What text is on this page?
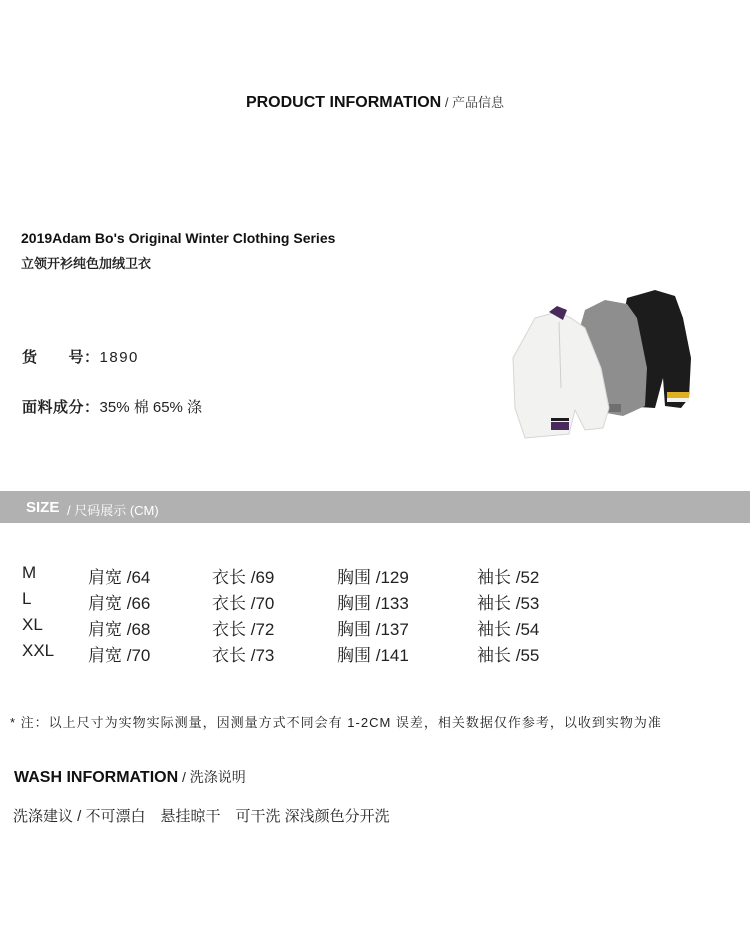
PRODUCT INFORMATION / 产品信息
2019Adam Bo's Original Winter Clothing Series
立领开衫纯色加绒卫衣
货　　号：1890
面料成分：35% 棉 65% 涤
SIZE / 尺码展示 (CM)
M	肩宽 /64	衣长 /69	胸围 /129	袖长 /52
L	肩宽 /66	衣长 /70	胸围 /133	袖长 /53
XL	肩宽 /68	衣长 /72	胸围 /137	袖长 /54
XXL 肩宽 /70	衣长 /73	胸围 /141	袖长 /55
* 注：以上尺寸为实物实际测量，因测量方式不同会有 1-2CM 误差，相关数据仅作参考，以收到实物为准
WASH INFORMATION / 洗涤说明
洗涤建议 / 不可漂白　悬挂晾干　可干洗 深浅颜色分开洗
